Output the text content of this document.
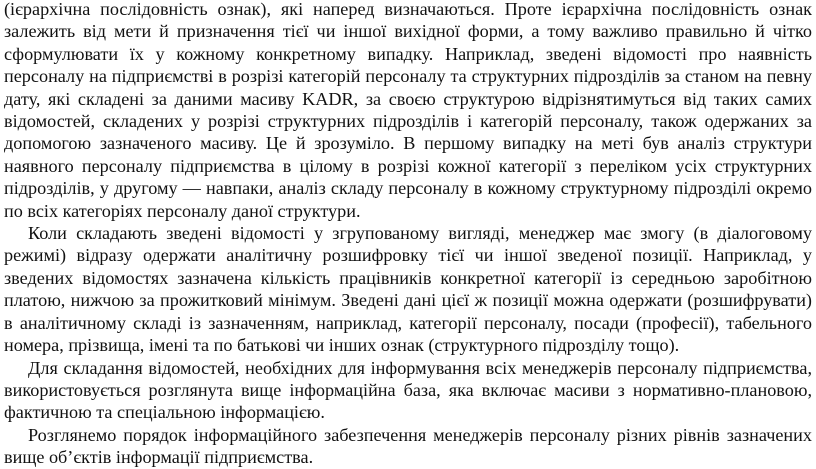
(ієрархічна послідовність ознак), які наперед визначаються. Проте ієрархічна послідовність ознак залежить від мети й призначення тієї чи іншої вихідної форми, а тому важливо правильно й чітко сформулювати їх у кожному конкретному випадку. Наприклад, зведені відомості про наявність персоналу на підприємстві в розрізі категорій персоналу та структурних підрозділів за станом на певну дату, які складені за даними масиву KADR, за своєю структурою відрізнятимуться від таких самих відомостей, складених у розрізі структурних підрозділів і категорій персоналу, також одержаних за допомогою зазначеного масиву. Це й зрозуміло. В першому випадку на меті був аналіз структури наявного персоналу підприємства в цілому в розрізі кожної категорії з переліком усіх структурних підрозділів, у другому — навпаки, аналіз складу персоналу в кожному структурному підрозділі окремо по всіх категоріях персоналу даної структури.

Коли складають зведені відомості у згрупованому вигляді, менеджер має змогу (в діалоговому режимі) відразу одержати аналітичну розшифровку тієї чи іншої зведеної позиції. Наприклад, у зведених відомостях зазначена кількість працівників конкретної категорії із середньою заробітною платою, нижчою за прожитковий мінімум. Зведені дані цієї ж позиції можна одержати (розшифрувати) в аналітичному складі із зазначенням, наприклад, категорії персоналу, посади (професії), табельного номера, прізвища, імені та по батькові чи інших ознак (структурного підрозділу тощо).

Для складання відомостей, необхідних для інформування всіх менеджерів персоналу підприємства, використовується розглянута вище інформаційна база, яка включає масиви з нормативно-плановою, фактичною та спеціальною інформацією.

Розглянемо порядок інформаційного забезпечення менеджерів персоналу різних рівнів зазначених вище об’єктів інформації підприємства.
